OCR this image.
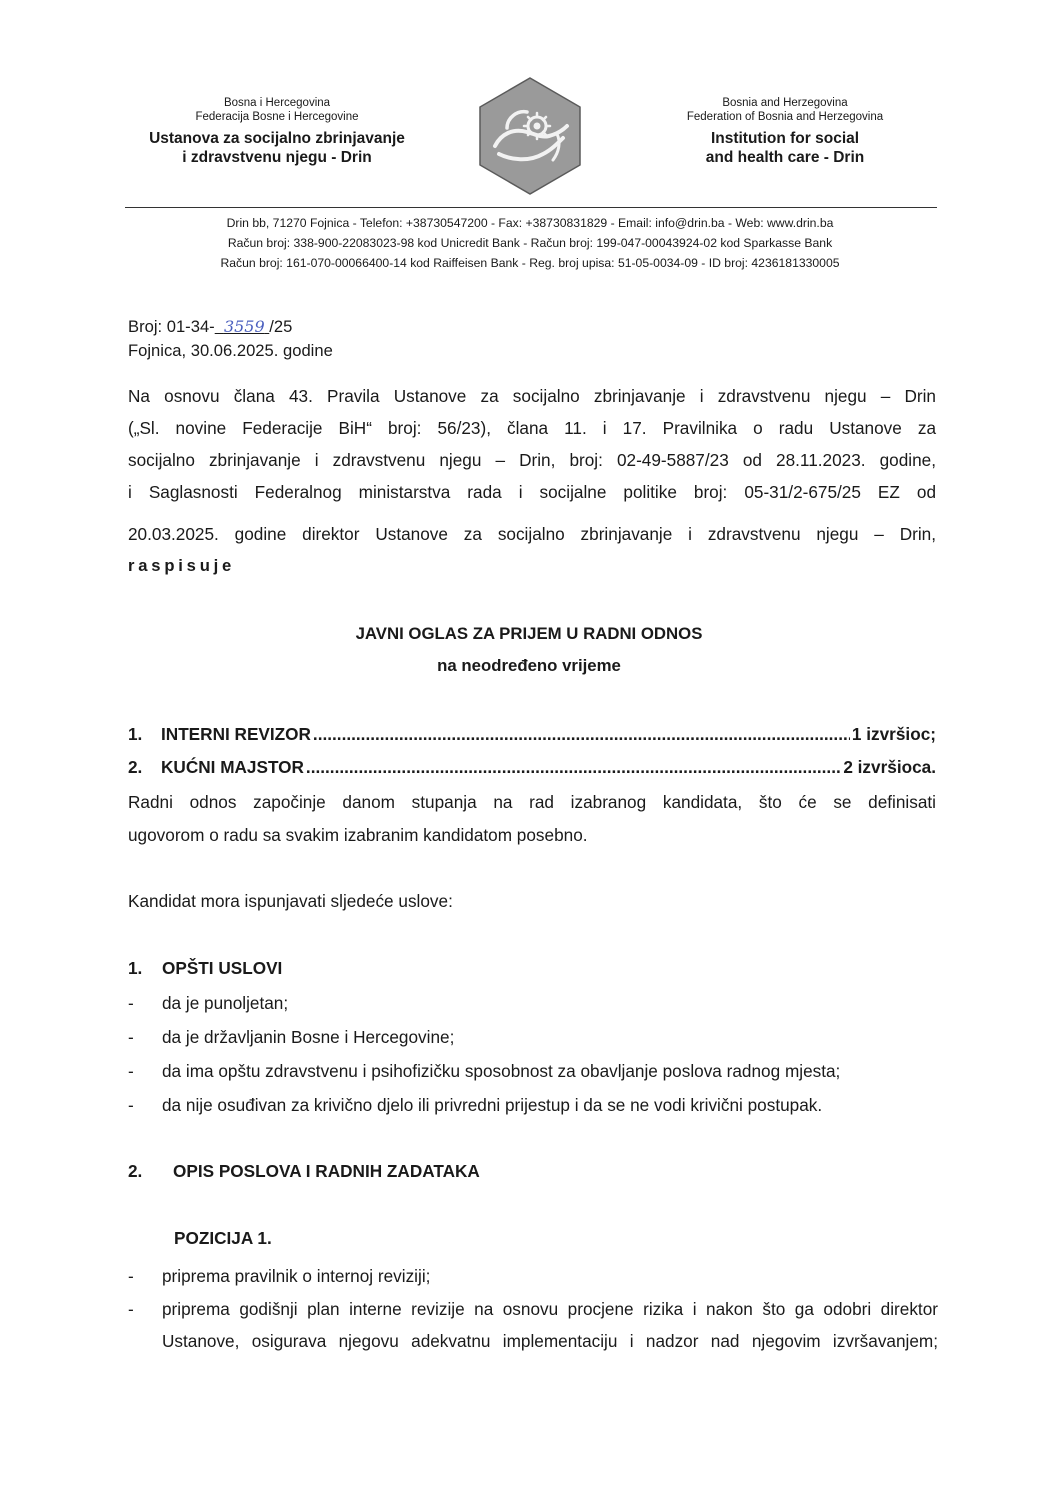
Bosna i Hercegovina
Federacija Bosne i Hercegovine
Ustanova za socijalno zbrinjavanje
i zdravstvenu njegu - Drin
Bosnia and Herzegovina
Federation of Bosnia and Herzegovina
Institution for social
and health care - Drin
Drin bb, 71270 Fojnica - Telefon: +38730547200 - Fax: +38730831829 - Email: info@drin.ba - Web: www.drin.ba
Račun broj: 338-900-22083023-98 kod Unicredit Bank - Račun broj: 199-047-00043924-02 kod Sparkasse Bank
Račun broj: 161-070-00066400-14 kod Raiffeisen Bank - Reg. broj upisa: 51-05-0034-09 - ID broj: 4236181330005
Broj: 01-34- 3559 /25
Fojnica, 30.06.2025. godine
Na osnovu člana 43. Pravila Ustanove za socijalno zbrinjavanje i zdravstvenu njegu – Drin
(„Sl. novine Federacije BiH“ broj: 56/23), člana 11. i 17. Pravilnika o radu Ustanove za
socijalno zbrinjavanje i zdravstvenu njegu – Drin, broj: 02-49-5887/23 od 28.11.2023. godine,
i Saglasnosti Federalnog ministarstva rada i socijalne politike broj: 05-31/2-675/25 EZ od
20.03.2025. godine direktor Ustanove za socijalno zbrinjavanje i zdravstvenu njegu – Drin,
raspisuje
JAVNI OGLAS ZA PRIJEM U RADNI ODNOS
na neodređeno vrijeme
1.	INTERNI REVIZOR .....	1 izvršioc;
2.	KUĆNI MAJSTOR .....	2 izvršioca.
Radni odnos započinje danom stupanja na rad izabranog kandidata, što će se definisati
ugovorom o radu sa svakim izabranim kandidatom posebno.
Kandidat mora ispunjavati sljedeće uslove:
1. OPŠTI USLOVI
- da je punoljetan;
- da je državljanin Bosne i Hercegovine;
- da ima opštu zdravstvenu i psihofizičku sposobnost za obavljanje poslova radnog mjesta;
- da nije osuđivan za krivično djelo ili privredni prijestup i da se ne vodi krivični postupak.
2. OPIS POSLOVA I RADNIH ZADATAKA
POZICIJA 1.
- priprema pravilnik o internoj reviziji;
- priprema godišnji plan interne revizije na osnovu procjene rizika i nakon što ga odobri direktor
Ustanove, osigurava njegovu adekvatnu implementaciju i nadzor nad njegovim izvršavanjem;
